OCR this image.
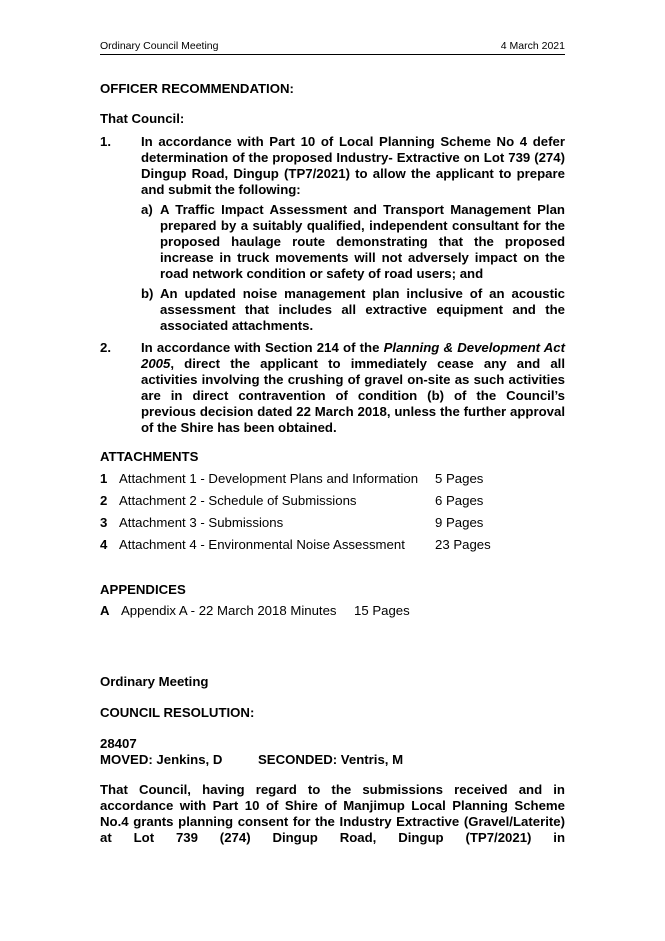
Ordinary Council Meeting	4 March 2021
OFFICER RECOMMENDATION:
That Council:
1. In accordance with Part 10 of Local Planning Scheme No 4 defer determination of the proposed Industry- Extractive on Lot 739 (274) Dingup Road, Dingup (TP7/2021) to allow the applicant to prepare and submit the following:
a) A Traffic Impact Assessment and Transport Management Plan prepared by a suitably qualified, independent consultant for the proposed haulage route demonstrating that the proposed increase in truck movements will not adversely impact on the road network condition or safety of road users; and
b) An updated noise management plan inclusive of an acoustic assessment that includes all extractive equipment and the associated attachments.
2. In accordance with Section 214 of the Planning & Development Act 2005, direct the applicant to immediately cease any and all activities involving the crushing of gravel on-site as such activities are in direct contravention of condition (b) of the Council’s previous decision dated 22 March 2018, unless the further approval of the Shire has been obtained.
ATTACHMENTS
1 Attachment 1 - Development Plans and Information 5 Pages
2 Attachment 2 - Schedule of Submissions	6 Pages
3 Attachment 3 - Submissions	9 Pages
4 Attachment 4 - Environmental Noise Assessment 23 Pages
APPENDICES
A Appendix A - 22 March 2018 Minutes 15 Pages
Ordinary Meeting
COUNCIL RESOLUTION:
28407
MOVED: Jenkins, D	SECONDED: Ventris, M
That Council, having regard to the submissions received and in accordance with Part 10 of Shire of Manjimup Local Planning Scheme No.4 grants planning consent for the Industry Extractive (Gravel/Laterite) at Lot 739 (274) Dingup Road, Dingup (TP7/2021) in
